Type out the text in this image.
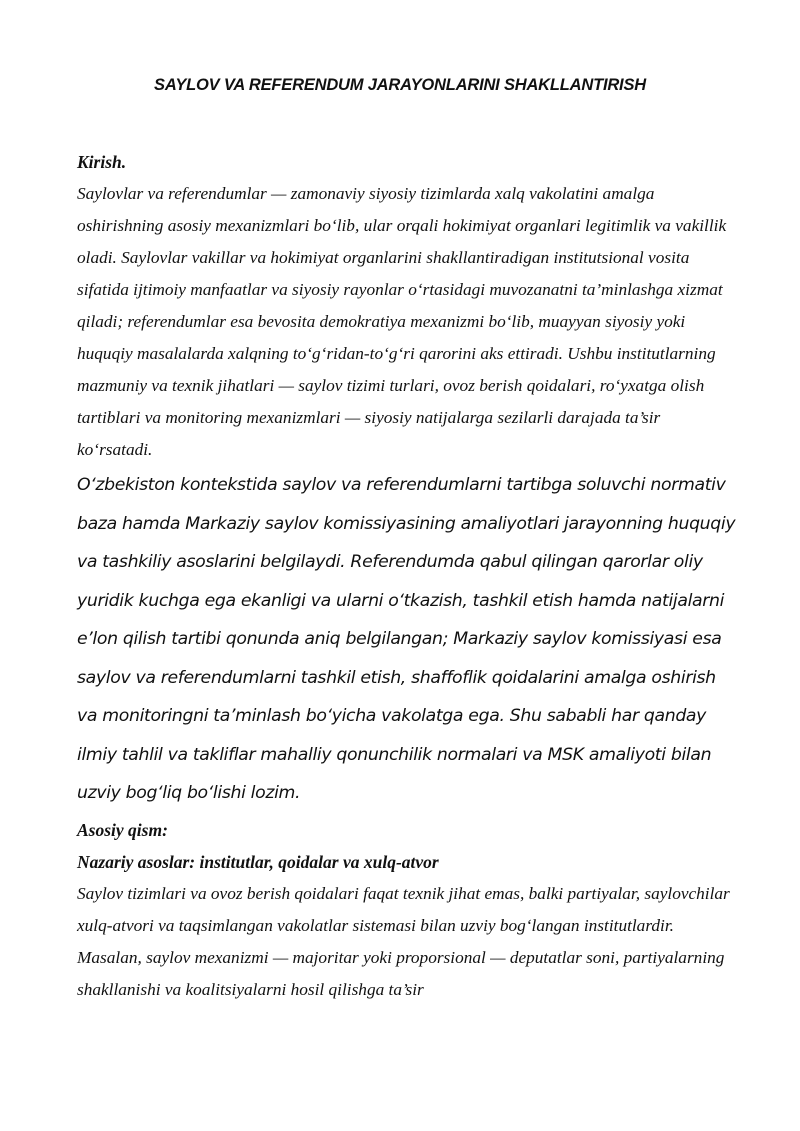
SAYLOV VA REFERENDUM JARAYONLARINI SHAKLLANTIRISH

Kirish.

Saylovlar va referendumlar — zamonaviy siyosiy tizimlarda xalq vakolatini amalga oshirishning asosiy mexanizmlari bo‘lib, ular orqali hokimiyat organlari legitimlik va vakillik oladi. Saylovlar vakillar va hokimiyat organlarini shakllantiradigan institutsional vosita sifatida ijtimoiy manfaatlar va siyosiy rayonlar o‘rtasidagi muvozanatni ta’minlashga xizmat qiladi; referendumlar esa bevosita demokratiya mexanizmi bo‘lib, muayyan siyosiy yoki huquqiy masalalarda xalqning to‘g‘ridan-to‘g‘ri qarorini aks ettiradi. Ushbu institutlarning mazmuniy va texnik jihatlari — saylov tizimi turlari, ovoz berish qoidalari, ro‘yxatga olish tartiblari va monitoring mexanizmlari — siyosiy natijalarga sezilarli darajada ta’sir ko‘rsatadi.

O‘zbekiston kontekstida saylov va referendumlarni tartibga soluvchi normativ baza hamda Markaziy saylov komissiyasining amaliyotlari jarayonning huquqiy va tashkiliy asoslarini belgilaydi. Referendumda qabul qilingan qarorlar oliy yuridik kuchga ega ekanligi va ularni o‘tkazish, tashkil etish hamda natijalarni e’lon qilish tartibi qonunda aniq belgilangan; Markaziy saylov komissiyasi esa saylov va referendumlarni tashkil etish, shaffoflik qoidalarini amalga oshirish va monitoringni ta’minlash bo‘yicha vakolatga ega. Shu sababli har qanday ilmiy tahlil va takliflar mahalliy qonunchilik normalari va MSK amaliyoti bilan uzviy bog‘liq bo‘lishi lozim.

Asosiy qism:

Nazariy asoslar: institutlar, qoidalar va xulq-atvor

Saylov tizimlari va ovoz berish qoidalari faqat texnik jihat emas, balki partiyalar, saylovchilar xulq-atvori va taqsimlangan vakolatlar sistemasi bilan uzviy bog‘langan institutlardir. Masalan, saylov mexanizmi — majoritar yoki proporsional — deputatlar soni, partiyalarning shakllanishi va koalitsiyalarni hosil qilishga ta’sir
